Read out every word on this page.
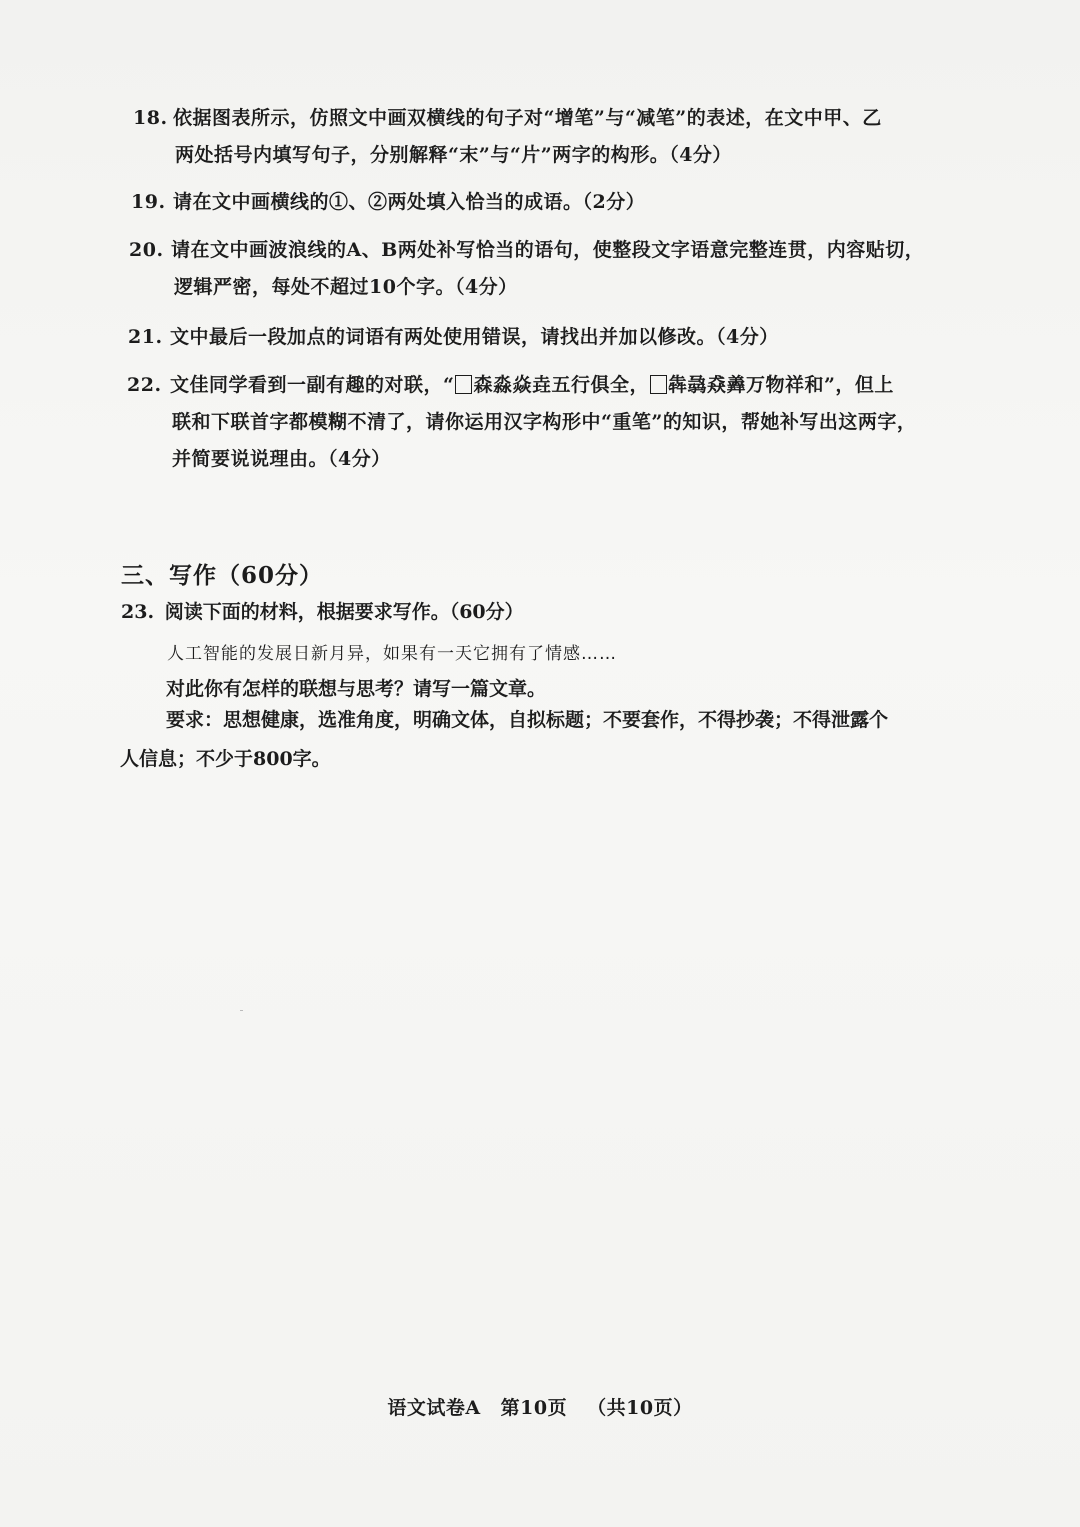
18. 依据图表所示，仿照文中画双横线的句子对“增笔”与“减笔”的表述，在文中甲、乙
两处括号内填写句子，分别解释“末”与“片”两字的构形。（4分）
19. 请在文中画横线的①、②两处填入恰当的成语。（2分）
20. 请在文中画波浪线的A、B两处补写恰当的语句，使整段文字语意完整连贯，内容贴切，
逻辑严密，每处不超过10个字。（4分）
21. 文中最后一段加点的词语有两处使用错误，请找出并加以修改。（4分）
22. 文佳同学看到一副有趣的对联，“ 森淼焱垚五行俱全， 犇骉猋羴万物祥和”，但上
联和下联首字都模糊不清了，请你运用汉字构形中“重笔”的知识，帮她补写出这两字，
并简要说说理由。（4分）
三、写作（60分）
23. 阅读下面的材料，根据要求写作。（60分）
人工智能的发展日新月异，如果有一天它拥有了情感……
对此你有怎样的联想与思考？请写一篇文章。
要求：思想健康，选准角度，明确文体，自拟标题；不要套作，不得抄袭；不得泄露个
人信息；不少于800字。
语文试卷A 第10页 （共10页）
